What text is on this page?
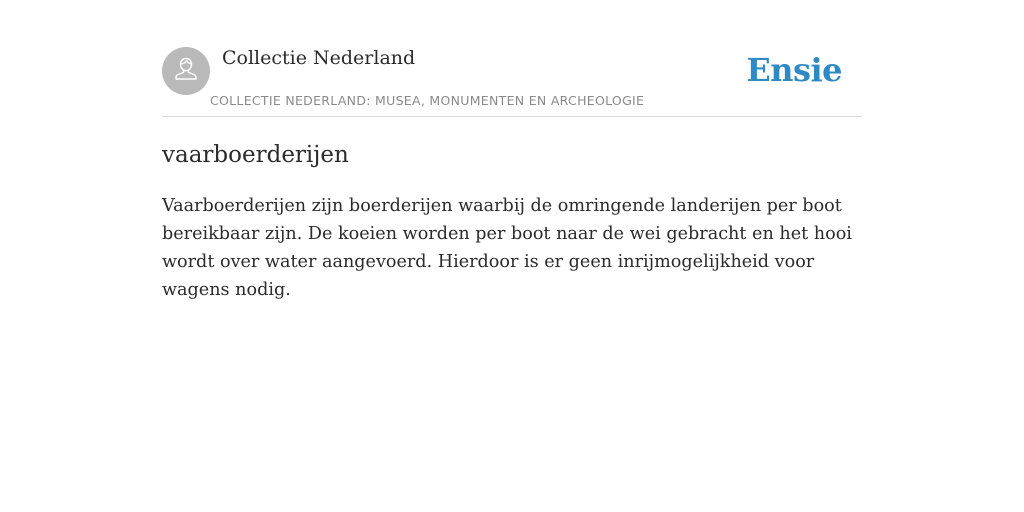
Collectie Nederland
COLLECTIE NEDERLAND: MUSEA, MONUMENTEN EN ARCHEOLOGIE
Ensie
vaarboerderijen

Vaarboerderijen zijn boerderijen waarbij de omringende landerijen per boot bereikbaar zijn. De koeien worden per boot naar de wei gebracht en het hooi wordt over water aangevoerd. Hierdoor is er geen inrijmogelijkheid voor wagens nodig.
